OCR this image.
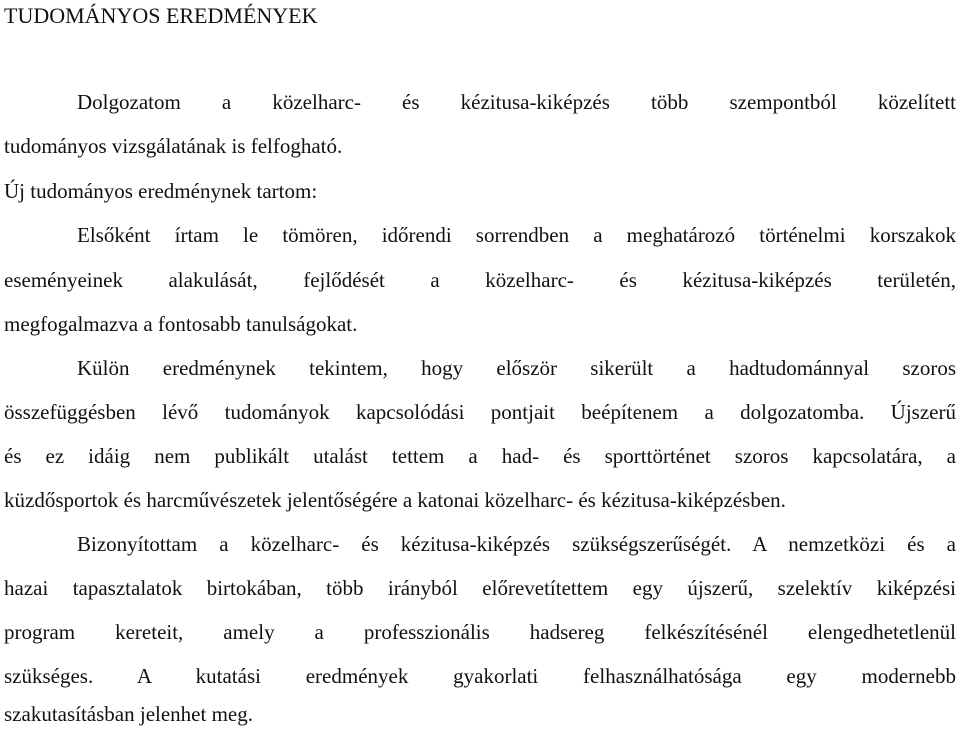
TUDOMÁNYOS EREDMÉNYEK
Dolgozatom a közelharc- és kézitusa-kiképzés több szempontból közelített
tudományos vizsgálatának is felfogható.
Új tudományos eredménynek tartom:
Elsőként írtam le tömören, időrendi sorrendben a meghatározó történelmi korszakok
eseményeinek alakulását, fejlődését a közelharc- és kézitusa-kiképzés területén,
megfogalmazva a fontosabb tanulságokat.
Külön eredménynek tekintem, hogy először sikerült a hadtudománnyal szoros
összefüggésben lévő tudományok kapcsolódási pontjait beépítenem a dolgozatomba. Újszerű
és ez idáig nem publikált utalást tettem a had- és sporttörténet szoros kapcsolatára, a
küzdősportok és harcművészetek jelentőségére a katonai közelharc- és kézitusa-kiképzésben.
Bizonyítottam a közelharc- és kézitusa-kiképzés szükségszerűségét. A nemzetközi és a
hazai tapasztalatok birtokában, több irányból előrevetítettem egy újszerű, szelektív kiképzési
program kereteit, amely a professzionális hadsereg felkészítésénél elengedhetetlenül
szükséges. A kutatási eredmények gyakorlati felhasználhatósága egy modernebb
szakutasításban jelenhet meg.
